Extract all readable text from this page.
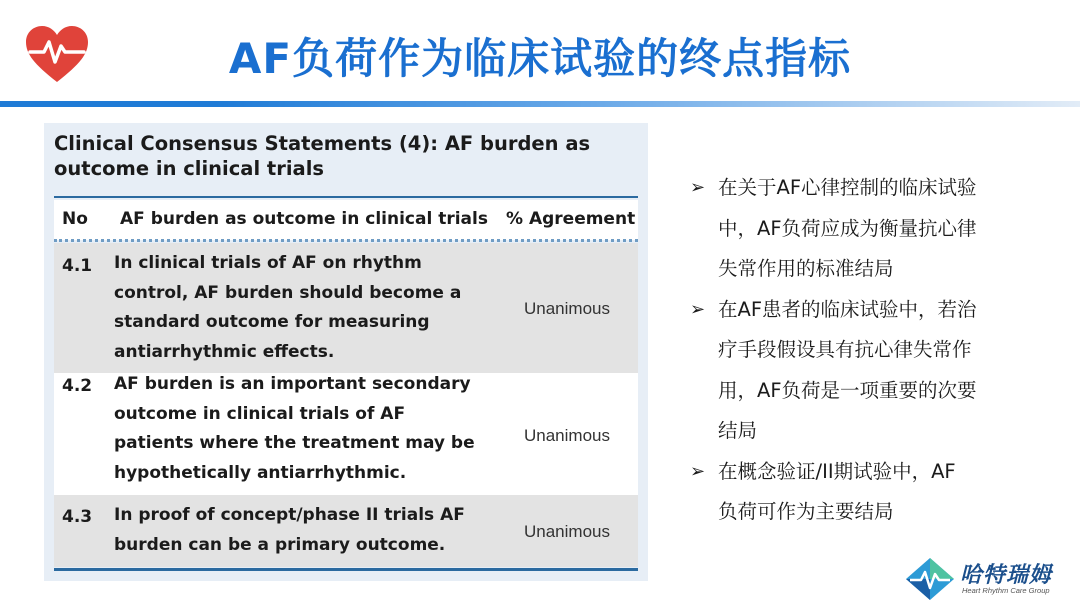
AF负荷作为临床试验的终点指标
Clinical Consensus Statements (4): AF burden as outcome in clinical trials
No AF burden as outcome in clinical trials % Agreement
4.1 In clinical trials of AF on rhythm
control, AF burden should become a
standard outcome for measuring
antiarrhythmic effects.
Unanimous
4.2 AF burden is an important secondary
outcome in clinical trials of AF
patients where the treatment may be
hypothetically antiarrhythmic.
Unanimous
4.3 In proof of concept/phase II trials AF
burden can be a primary outcome.
Unanimous
➢ 在关于AF心律控制的临床试验
中，AF负荷应成为衡量抗心律
失常作用的标准结局
➢ 在AF患者的临床试验中，若治
疗手段假设具有抗心律失常作
用，AF负荷是一项重要的次要
结局
➢ 在概念验证/II期试验中，AF
负荷可作为主要结局
哈特瑞姆
Heart Rhythm Care Group
